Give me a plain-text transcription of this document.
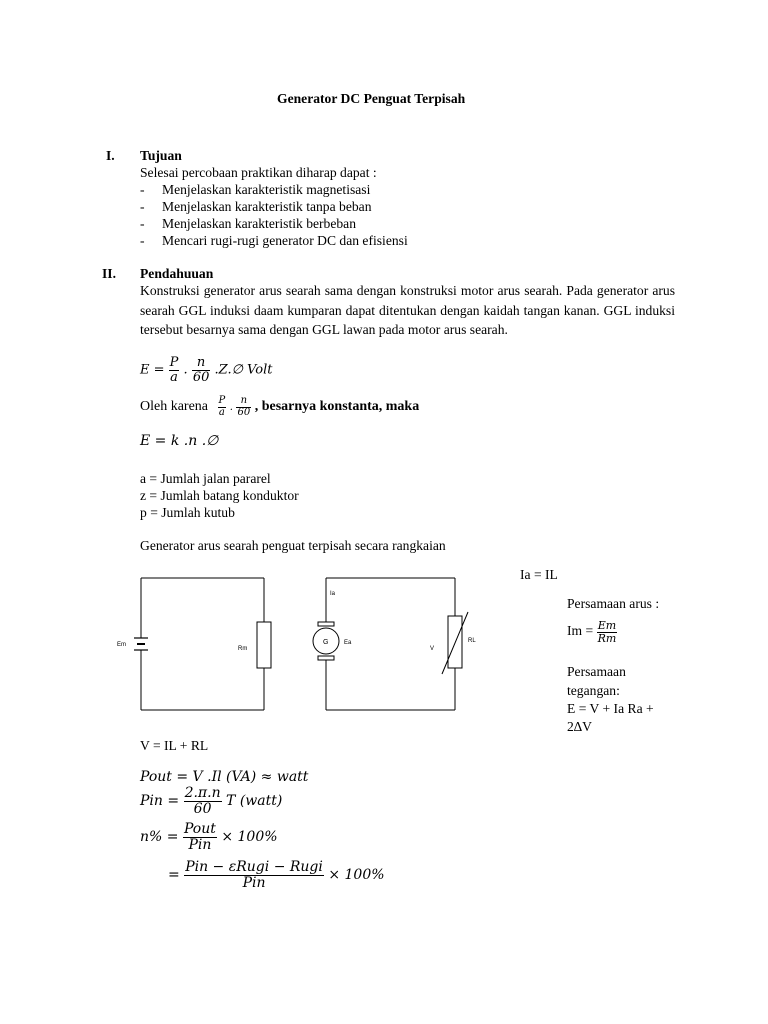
Generator DC Penguat Terpisah
I. Tujuan
Selesai percobaan praktikan diharap dapat :
- Menjelaskan karakteristik magnetisasi
- Menjelaskan karakteristik tanpa beban
- Menjelaskan karakteristik berbeban
- Mencari rugi-rugi generator DC dan efisiensi
II. Pendahuuan
Konstruksi generator arus searah sama dengan konstruksi motor arus searah. Pada generator arus searah GGL induksi daam kumparan dapat ditentukan dengan kaidah tangan kanan. GGL induksi tersebut besarnya sama dengan GGL lawan pada motor arus searah.
$E = \frac{P}{a}$ . $\frac{n}{60}$ .Z.∅ Volt
Oleh karena $\frac{P}{a}$ . $\frac{n}{60}$ , besarnya konstanta, maka
E = k .n .∅
a = Jumlah jalan pararel
z = Jumlah batang konduktor
p = Jumlah kutub
Generator arus searah penguat terpisah secara rangkaian
Em
Rm
G	Ea
Ia
V
RL
Ia = IL
Persamaan arus :
$Im = \frac{Em}{Rm}$
Persamaan
tegangan:
E = V + Ia Ra +
2∆V
V = IL + RL
Pout = V .Il (VA) ≈ watt
Pin = $\frac{2.\pi.n}{60}$ T (watt)
$n\% = \frac{\text{Pout}}{\text{Pin}} \times 100\%$
= $\frac{\text{Pin − εRugi − Rugi}}{\text{Pin}} \times 100\%$
